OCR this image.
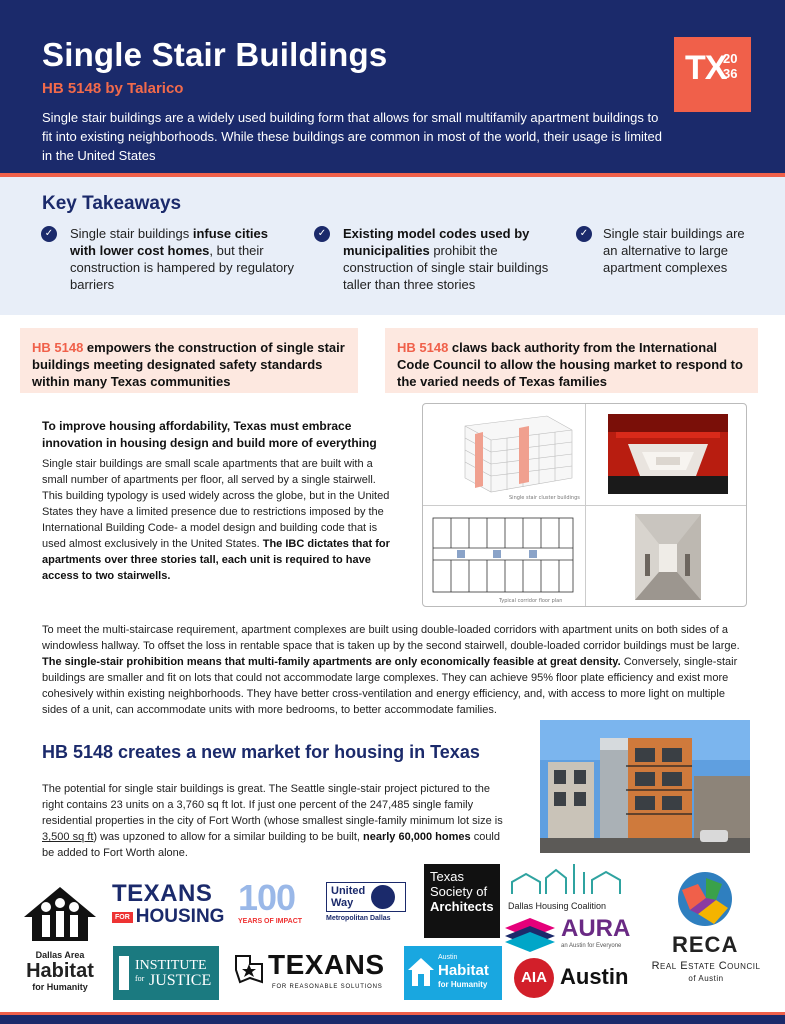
Single Stair Buildings
HB 5148 by Talarico
Single stair buildings are a widely used building form that allows for small multifamily apartment buildings to fit into existing neighborhoods. While these buildings are common in most of the world, their usage is limited in the United States
TX
20
36
Key Takeaways
✓ Single stair buildings infuse cities with lower cost homes, but their construction is hampered by regulatory barriers
✓ Existing model codes used by municipalities prohibit the construction of single stair buildings taller than three stories
✓ Single stair buildings are an alternative to large apartment complexes
HB 5148 empowers the construction of single stair buildings meeting designated safety standards within many Texas communities
HB 5148 claws back authority from the International Code Council to allow the housing market to respond to the varied needs of Texas families
To improve housing affordability, Texas must embrace innovation in housing design and build more of everything
Single stair buildings are small scale apartments that are built with a small number of apartments per floor, all served by a single stairwell. This building typology is used widely across the globe, but in the United States they have a limited presence due to restrictions imposed by the International Building Code- a model design and building code that is used almost exclusively in the United States. The IBC dictates that for apartments over three stories tall, each unit is required to have access to two stairwells.
Single stair cluster buildings
Typical corridor floor plan
To meet the multi-staircase requirement, apartment complexes are built using double-loaded corridors with apartment units on both sides of a windowless hallway. To offset the loss in rentable space that is taken up by the second stairwell, double-loaded corridor buildings must be large. The single-stair prohibition means that multi-family apartments are only economically feasible at great density. Conversely, single-stair buildings are smaller and fit on lots that could not accommodate large complexes. They can achieve 95% floor plate efficiency and exist more cohesively within existing neighborhoods. They have better cross-ventilation and energy efficiency, and, with access to more light on multiple sides of a unit, can accommodate units with more bedrooms, to better accommodate families.
HB 5148 creates a new market for housing in Texas
The potential for single stair buildings is great. The Seattle single-stair project pictured to the right contains 23 units on a 3,760 sq ft lot. If just one percent of the 247,485 single family residential properties in the city of Fort Worth (whose smallest single-family minimum lot size is 3,500 sq ft) was upzoned to allow for a similar building to be built, nearly 60,000 homes could be added to Fort Worth alone.
Dallas Area
Habitat
for Humanity
TEXANS
FOR HOUSING 100
YEARS OF IMPACT
United
Way
Metropolitan Dallas
Texas
Society of
Architects Dallas Housing Coalition
AURA
an Austin for Everyone RECA
Real Estate Council
of Austin
INSTITUTE
for JUSTICE
TEXANS
FOR REASONABLE SOLUTIONS
Austin
Habitat
for Humanity	AIA Austin
